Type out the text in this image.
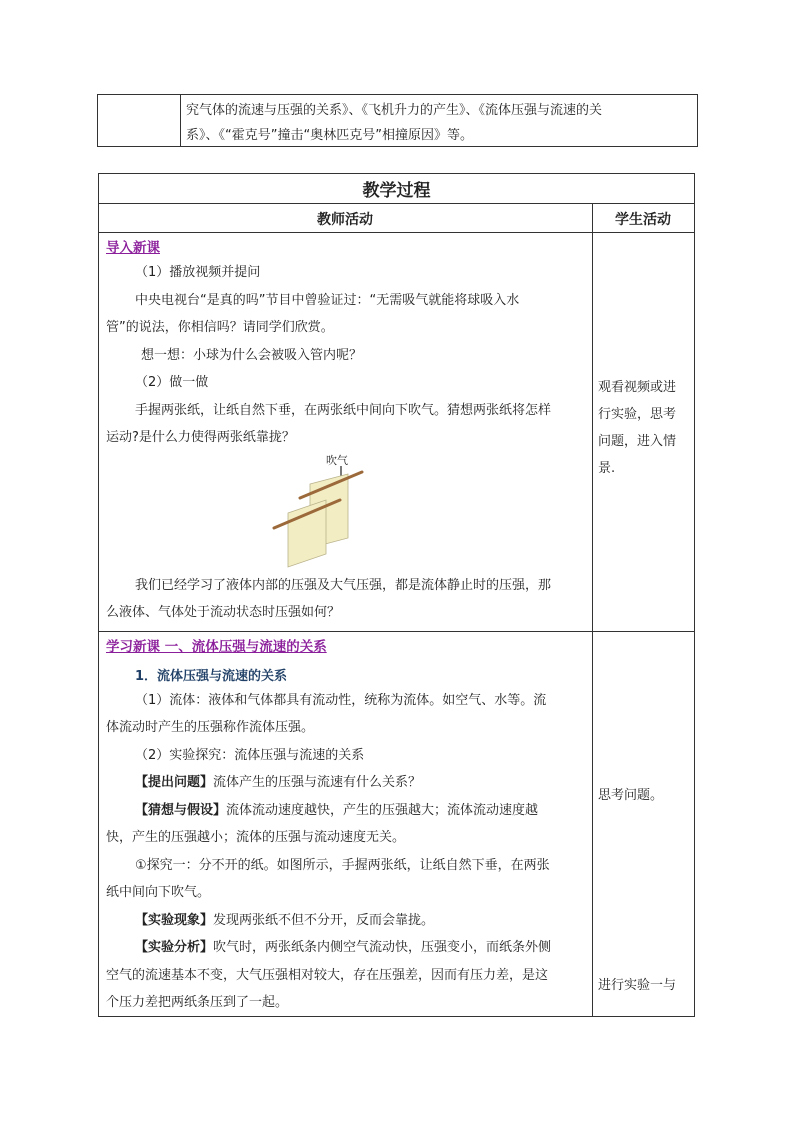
究气体的流速与压强的关系》、《飞机升力的产生》、《流体压强与流速的关
系》、《“霍克号”撞击“奥林匹克号”相撞原因》等。
教学过程
教师活动	学生活动
导入新课
（1）播放视频并提问
中央电视台“是真的吗”节目中曾验证过：“无需吸气就能将球吸入水
管”的说法，你相信吗？请同学们欣赏。
想一想：小球为什么会被吸入管内呢？
（2）做一做
手握两张纸，让纸自然下垂，在两张纸中间向下吹气。猜想两张纸将怎样
运动?是什么力使得两张纸靠拢？
吹气
我们已经学习了液体内部的压强及大气压强，都是流体静止时的压强，那
么液体、气体处于流动状态时压强如何？
观看视频或进
行实验，思考
问题，进入情
景.
学习新课 一、流体压强与流速的关系
1．流体压强与流速的关系
（1）流体：液体和气体都具有流动性，统称为流体。如空气、水等。流
体流动时产生的压强称作流体压强。
（2）实验探究：流体压强与流速的关系
【提出问题】流体产生的压强与流速有什么关系？
【猜想与假设】流体流动速度越快，产生的压强越大；流体流动速度越
快，产生的压强越小；流体的压强与流动速度无关。
①探究一：分不开的纸。如图所示，手握两张纸，让纸自然下垂，在两张
纸中间向下吹气。
【实验现象】发现两张纸不但不分开，反而会靠拢。
【实验分析】吹气时，两张纸条内侧空气流动快，压强变小，而纸条外侧
空气的流速基本不变，大气压强相对较大，存在压强差，因而有压力差，是这
个压力差把两纸条压到了一起。
思考问题。
进行实验一与
